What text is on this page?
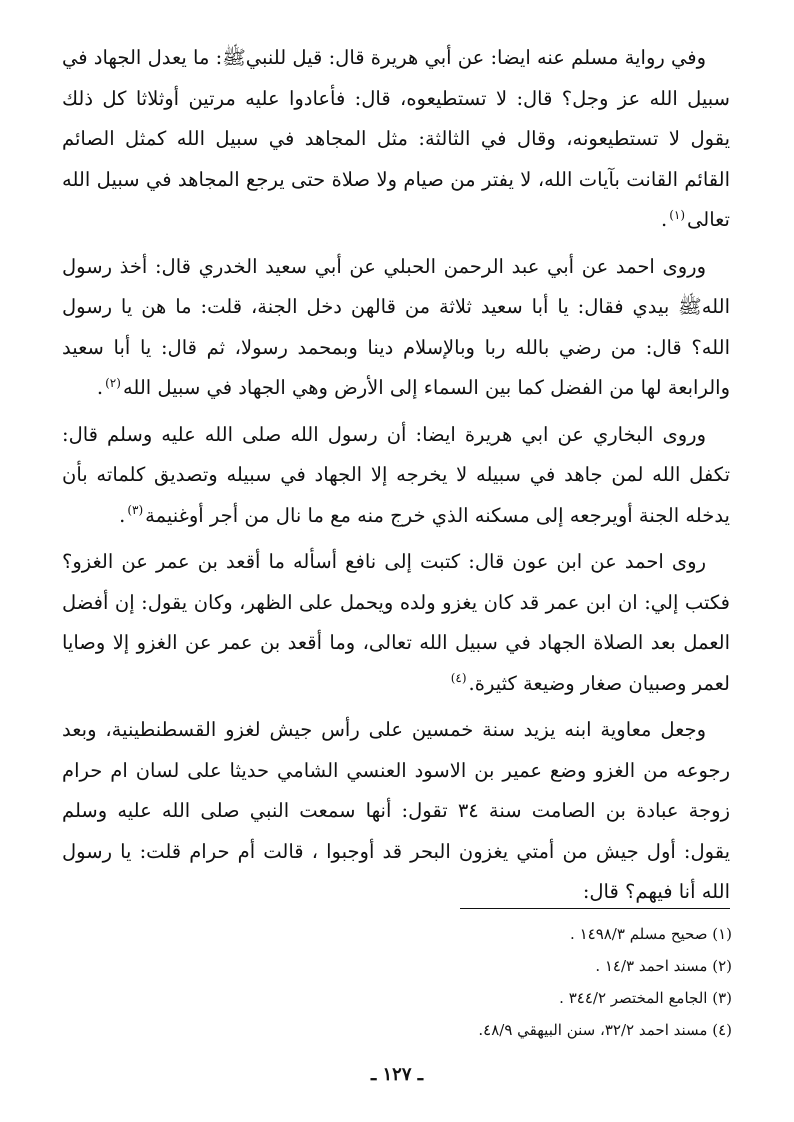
وفي رواية مسلم عنه ايضا: عن أبي هريرة قال: قيل للنبيﷺ: ما يعدل الجهاد في سبيل الله عز وجل؟ قال: لا تستطيعوه، قال: فأعادوا عليه مرتين أوثلاثا كل ذلك يقول لا تستطيعونه، وقال في الثالثة: مثل المجاهد في سبيل الله كمثل الصائم القائم القانت بآيات الله، لا يفتر من صيام ولا صلاة حتى يرجع المجاهد في سبيل الله تعالى$^{(١)}$.

وروى احمد عن أبي عبد الرحمن الحبلي عن أبي سعيد الخدري قال: أخذ رسول اللهﷺ بيدي فقال: يا أبا سعيد ثلاثة من قالهن دخل الجنة، قلت: ما هن يا رسول الله؟ قال: من رضي بالله ربا وبالإسلام دينا وبمحمد رسولا، ثم قال: يا أبا سعيد والرابعة لها من الفضل كما بين السماء إلى الأرض وهي الجهاد في سبيل الله$^{(٢)}$.

وروى البخاري عن ابي هريرة ايضا: أن رسول الله صلى الله عليه وسلم قال: تكفل الله لمن جاهد في سبيله لا يخرجه إلا الجهاد في سبيله وتصديق كلماته بأن يدخله الجنة أويرجعه إلى مسكنه الذي خرج منه مع ما نال من أجر أوغنيمة$^{(٣)}$.

روى احمد عن ابن عون قال: كتبت إلى نافع أسأله ما أقعد بن عمر عن الغزو؟ فكتب إلي: ان ابن عمر قد كان يغزو ولده ويحمل على الظهر، وكان يقول: إن أفضل العمل بعد الصلاة الجهاد في سبيل الله تعالى، وما أقعد بن عمر عن الغزو إلا وصايا لعمر وصبيان صغار وضيعة كثيرة.$^{(٤)}$

وجعل معاوية ابنه يزيد سنة خمسين على رأس جيش لغزو القسطنطينية، وبعد رجوعه من الغزو وضع عمير بن الاسود العنسي الشامي حديثا على لسان ام حرام زوجة عبادة بن الصامت سنة ٣٤ تقول: أنها سمعت النبي صلى الله عليه وسلم يقول: أول جيش من أمتي يغزون البحر قد أوجبوا ، قالت أم حرام قلت: يا رسول الله أنا فيهم؟ قال:

(١) صحيح مسلم ١٤٩٨/٣ .
(٢) مسند احمد ١٤/٣ .
(٣) الجامع المختصر ٣٤٤/٢ .
(٤) مسند احمد ٣٢/٢، سنن البيهقي ٤٨/٩.
ـ ١٢٧ ـ
